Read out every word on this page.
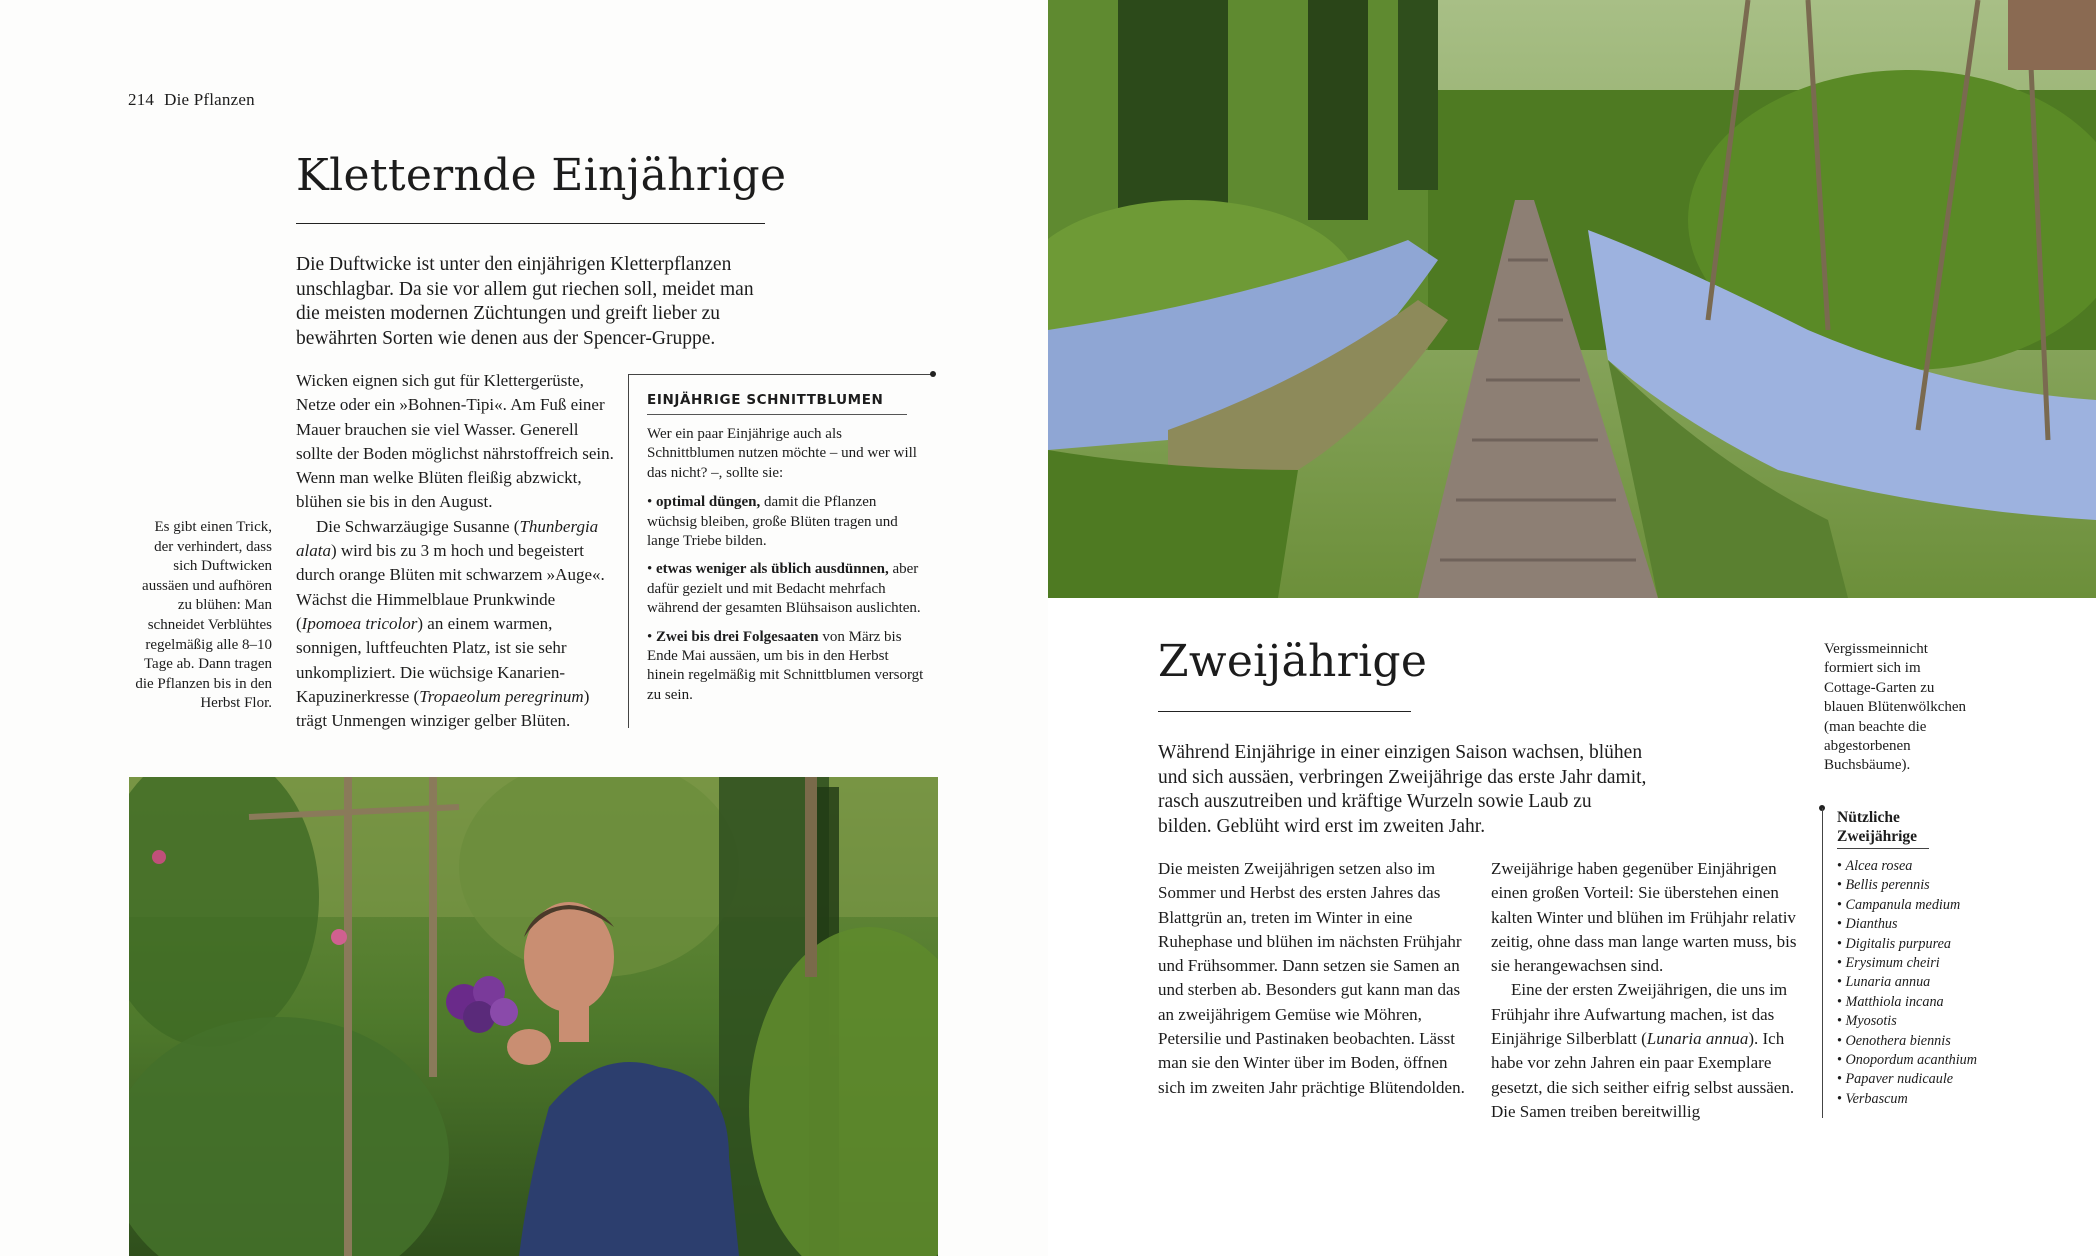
214 Die Pflanzen
Kletternde Einjährige
Die Duftwicke ist unter den einjährigen Kletterpflanzen unschlagbar. Da sie vor allem gut riechen soll, meidet man die meisten modernen Züchtungen und greift lieber zu bewährten Sorten wie denen aus der Spencer-Gruppe.

Wicken eignen sich gut für Klettergerüste, Netze oder ein »Bohnen-Tipi«. Am Fuß einer Mauer brauchen sie viel Wasser. Generell sollte der Boden möglichst nährstoffreich sein. Wenn man welke Blüten fleißig abzwickt, blühen sie bis in den August.

Die Schwarzäugige Susanne (Thunbergia alata) wird bis zu 3 m hoch und begeistert durch orange Blüten mit schwarzem »Auge«. Wächst die Himmelblaue Prunkwinde (Ipomoea tricolor) an einem warmen, sonnigen, luftfeuchten Platz, ist sie sehr unkompliziert. Die wüchsige Kanarien-Kapuzinerkresse (Tropaeolum peregrinum) trägt Unmengen winziger gelber Blüten.

Es gibt einen Trick, der verhindert, dass sich Duftwicken aussäen und aufhören zu blühen: Man schneidet Verblühtes regelmäßig alle 8–10 Tage ab. Dann tragen die Pflanzen bis in den Herbst Flor.
EINJÄHRIGE SCHNITTBLUMEN
Wer ein paar Einjährige auch als Schnittblumen nutzen möchte – und wer will das nicht? –, sollte sie:
• optimal düngen, damit die Pflanzen wüchsig bleiben, große Blüten tragen und lange Triebe bilden.
• etwas weniger als üblich ausdünnen, aber dafür gezielt und mit Bedacht mehrfach während der gesamten Blühsaison auslichten.
• Zwei bis drei Folgesaaten von März bis Ende Mai aussäen, um bis in den Herbst hinein regelmäßig mit Schnittblumen versorgt zu sein.
Zweijährige
Während Einjährige in einer einzigen Saison wachsen, blühen und sich aussäen, verbringen Zweijährige das erste Jahr damit, rasch auszutreiben und kräftige Wurzeln sowie Laub zu bilden. Geblüht wird erst im zweiten Jahr.

Die meisten Zweijährigen setzen also im Sommer und Herbst des ersten Jahres das Blattgrün an, treten im Winter in eine Ruhephase und blühen im nächsten Frühjahr und Frühsommer. Dann setzen sie Samen an und sterben ab. Besonders gut kann man das an zweijährigem Gemüse wie Möhren, Petersilie und Pastinaken beobachten. Lässt man sie den Winter über im Boden, öffnen sich im zweiten Jahr prächtige Blütendolden.

Zweijährige haben gegenüber Einjährigen einen großen Vorteil: Sie überstehen einen kalten Winter und blühen im Frühjahr relativ zeitig, ohne dass man lange warten muss, bis sie herangewachsen sind.

Eine der ersten Zweijährigen, die uns im Frühjahr ihre Aufwartung machen, ist das Einjährige Silberblatt (Lunaria annua). Ich habe vor zehn Jahren ein paar Exemplare gesetzt, die sich seither eifrig selbst aussäen. Die Samen treiben bereitwillig

Vergissmeinnicht formiert sich im Cottage-Garten zu blauen Blütenwölkchen (man beachte die abgestorbenen Buchsbäume).
Nützliche
Zweijährige
• Alcea rosea
• Bellis perennis
• Campanula medium
• Dianthus
• Digitalis purpurea
• Erysimum cheiri
• Lunaria annua
• Matthiola incana
• Myosotis
• Oenothera biennis
• Onopordum acanthium
• Papaver nudicaule
• Verbascum
